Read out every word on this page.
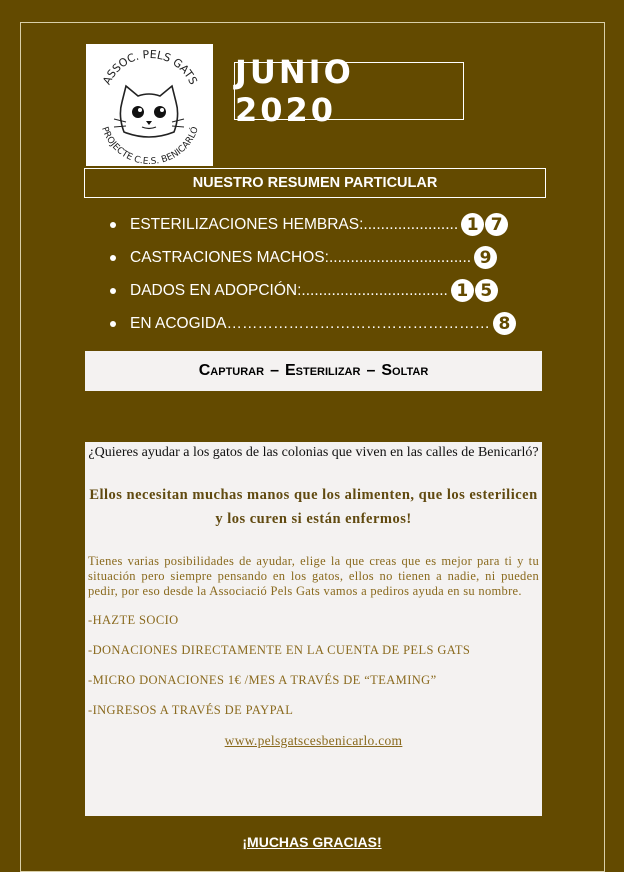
ASSOC. PELS GATS
PROJECTE C.E.S. BENICARLÓ
JUNIO 2020
NUESTRO RESUMEN PARTICULAR
ESTERILIZACIONES HEMBRAS: ...................... 1 7
CASTRACIONES MACHOS: ................................. 9
DADOS EN ADOPCIÓN: .................................. 1 5
EN ACOGIDA …………………………………………… 8
Capturar – Esterilizar – Soltar

¿Quieres ayudar a los gatos de las colonias que viven en las calles de Benicarló?

Ellos necesitan muchas manos que los alimenten, que los esterilicen y los curen si están enfermos!

Tienes varias posibilidades de ayudar, elige la que creas que es mejor para ti y tu situación pero siempre pensando en los gatos, ellos no tienen a nadie, ni pueden pedir, por eso desde la Associació Pels Gats vamos a pediros ayuda en su nombre.

-HAZTE SOCIO

-DONACIONES DIRECTAMENTE EN LA CUENTA DE PELS GATS

-MICRO DONACIONES 1€ /MES A TRAVÉS DE “TEAMING”

-INGRESOS A TRAVÉS DE PAYPAL

www.pelsgatscesbenicarlo.com

¡MUCHAS GRACIAS!
